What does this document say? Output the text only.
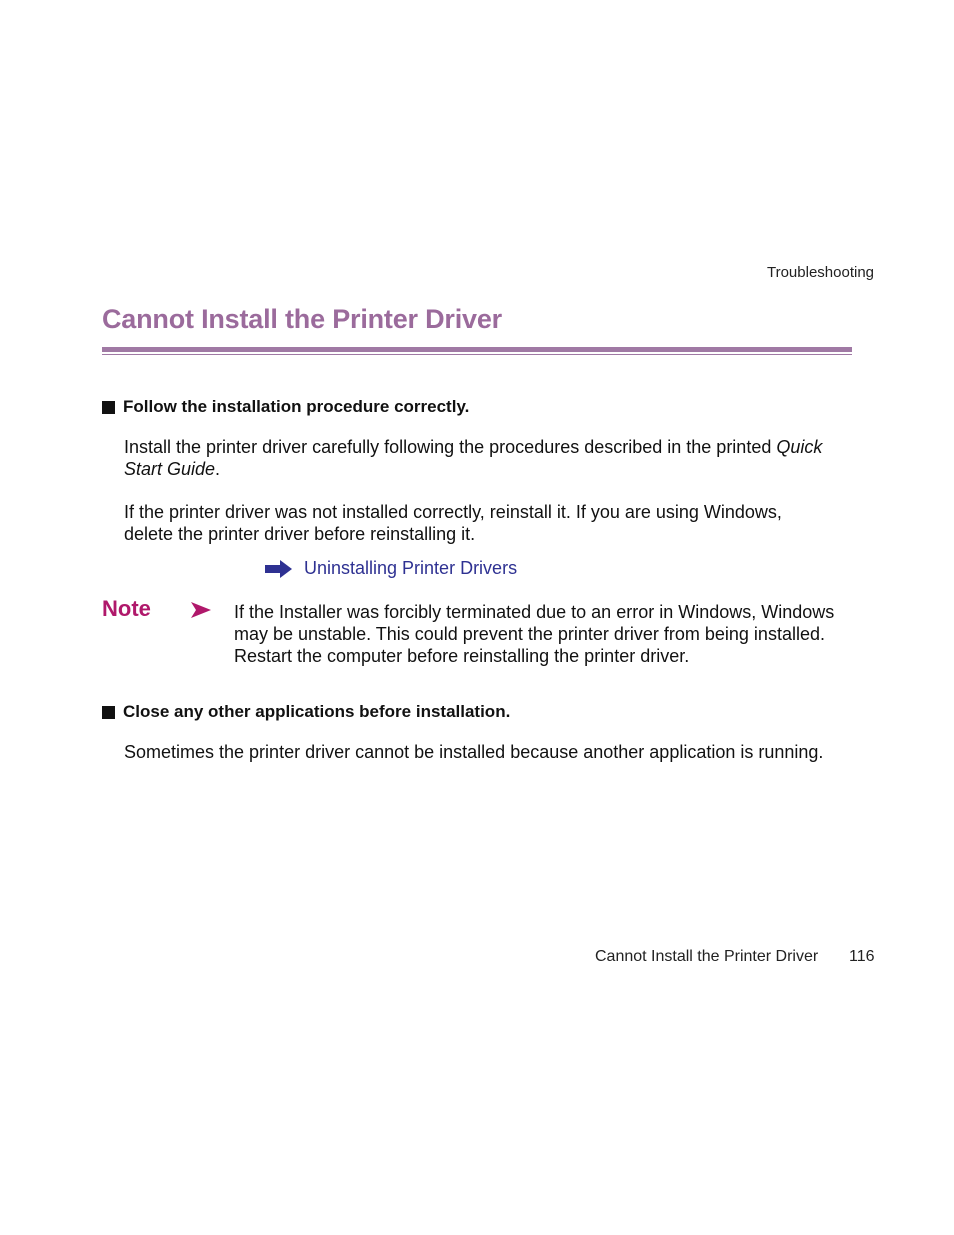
Troubleshooting
Cannot Install the Printer Driver
Follow the installation procedure correctly.
Install the printer driver carefully following the procedures described in the printed Quick Start Guide.
If the printer driver was not installed correctly, reinstall it. If you are using Windows, delete the printer driver before reinstalling it.
Uninstalling Printer Drivers
Note	If the Installer was forcibly terminated due to an error in Windows, Windows may be unstable. This could prevent the printer driver from being installed. Restart the computer before reinstalling the printer driver.
Close any other applications before installation.
Sometimes the printer driver cannot be installed because another application is running.
Cannot Install the Printer Driver 116
